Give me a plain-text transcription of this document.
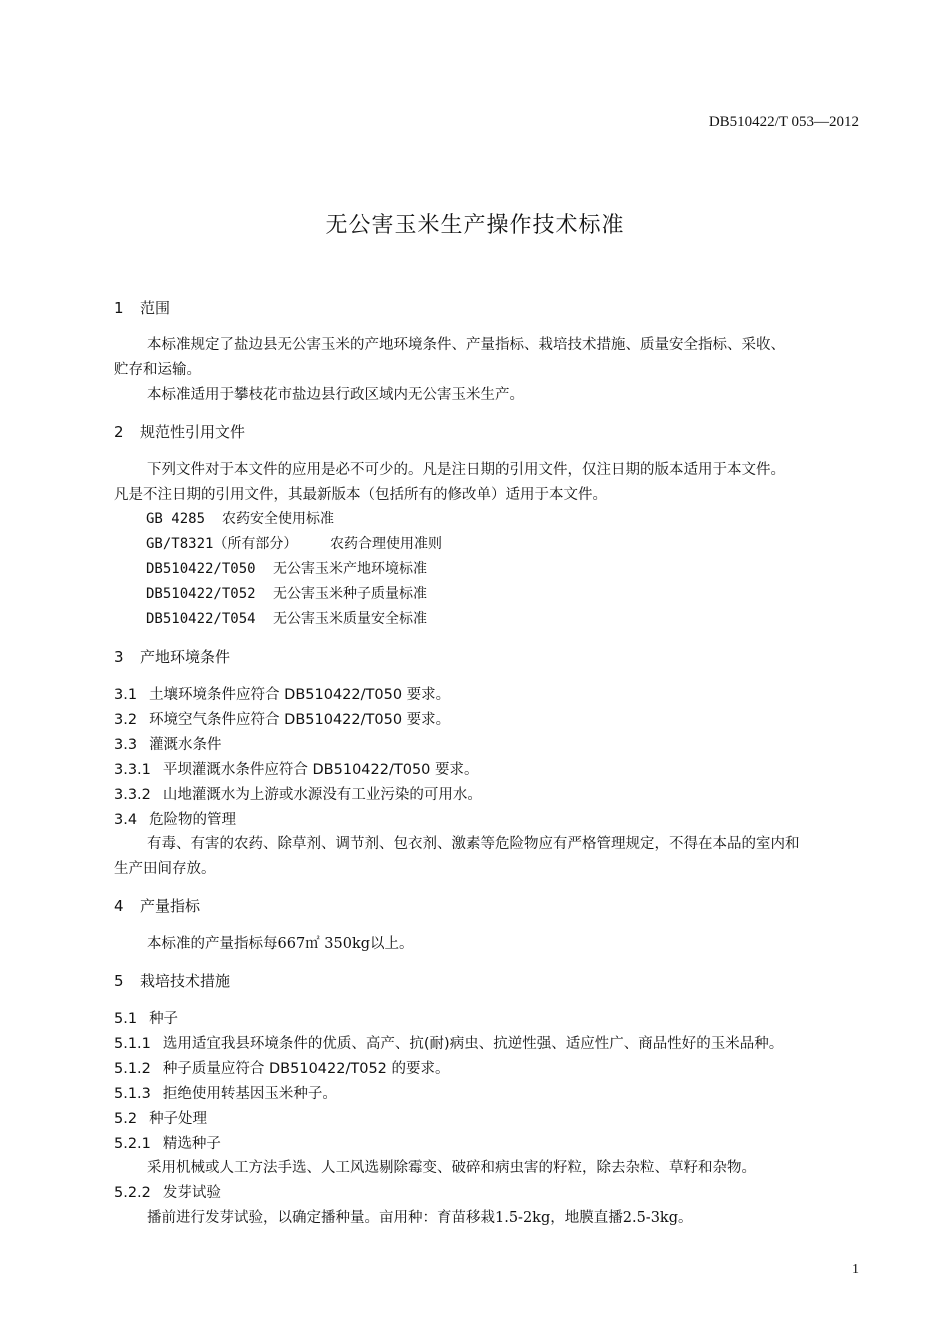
DB510422/T 053—2012
无公害玉米生产操作技术标准
1 范围
本标准规定了盐边县无公害玉米的产地环境条件、产量指标、栽培技术措施、质量安全指标、采收、
贮存和运输。
本标准适用于攀枝花市盐边县行政区域内无公害玉米生产。
2 规范性引用文件
下列文件对于本文件的应用是必不可少的。凡是注日期的引用文件，仅注日期的版本适用于本文件。
凡是不注日期的引用文件，其最新版本（包括所有的修改单）适用于本文件。
GB 4285 农药安全使用标准
GB/T8321（所有部分） 农药合理使用准则
DB510422/T050 无公害玉米产地环境标准
DB510422/T052 无公害玉米种子质量标准
DB510422/T054 无公害玉米质量安全标准
3 产地环境条件
3.1 土壤环境条件应符合 DB510422/T050 要求。
3.2 环境空气条件应符合 DB510422/T050 要求。
3.3 灌溉水条件
3.3.1 平坝灌溉水条件应符合 DB510422/T050 要求。
3.3.2 山地灌溉水为上游或水源没有工业污染的可用水。
3.4 危险物的管理
有毒、有害的农药、除草剂、调节剂、包衣剂、激素等危险物应有严格管理规定，不得在本品的室内和
生产田间存放。
4 产量指标
本标准的产量指标每667㎡ 350kg以上。
5 栽培技术措施
5.1 种子
5.1.1 选用适宜我县环境条件的优质、高产、抗(耐)病虫、抗逆性强、适应性广、商品性好的玉米品种。
5.1.2 种子质量应符合 DB510422/T052 的要求。
5.1.3 拒绝使用转基因玉米种子。
5.2 种子处理
5.2.1 精选种子
采用机械或人工方法手选、人工风选剔除霉变、破碎和病虫害的籽粒，除去杂粒、草籽和杂物。
5.2.2 发芽试验
播前进行发芽试验，以确定播种量。亩用种：育苗移栽1.5-2kg，地膜直播2.5-3kg。
1
